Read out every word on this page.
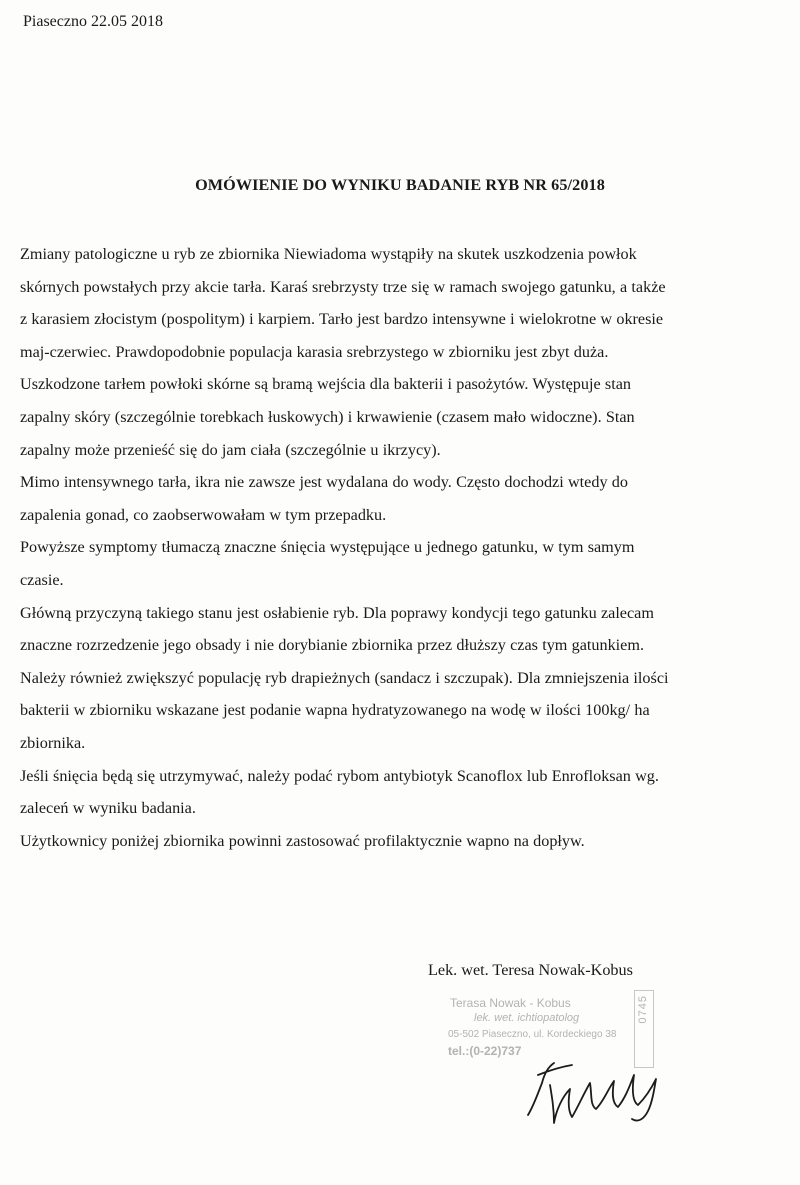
Piaseczno 22.05 2018
OMÓWIENIE DO WYNIKU BADANIE RYB NR 65/2018
Zmiany patologiczne u ryb ze zbiornika Niewiadoma wystąpiły na skutek uszkodzenia powłok
skórnych powstałych przy akcie tarła. Karaś srebrzysty trze się w ramach swojego gatunku, a także
z karasiem złocistym (pospolitym) i karpiem. Tarło jest bardzo intensywne i wielokrotne w okresie
maj-czerwiec. Prawdopodobnie populacja karasia srebrzystego w zbiorniku jest zbyt duża.
Uszkodzone tarłem powłoki skórne są bramą wejścia dla bakterii i pasożytów. Występuje stan
zapalny skóry (szczególnie torebkach łuskowych) i krwawienie (czasem mało widoczne). Stan
zapalny może przenieść się do jam ciała (szczególnie u ikrzycy).
Mimo intensywnego tarła, ikra nie zawsze jest wydalana do wody. Często dochodzi wtedy do
zapalenia gonad, co zaobserwowałam w tym przepadku.
Powyższe symptomy tłumaczą znaczne śnięcia występujące u jednego gatunku, w tym samym
czasie.
Główną przyczyną takiego stanu jest osłabienie ryb. Dla poprawy kondycji tego gatunku zalecam
znaczne rozrzedzenie jego obsady i nie dorybianie zbiornika przez dłuższy czas tym gatunkiem.
Należy również zwiększyć populację ryb drapieżnych (sandacz i szczupak). Dla zmniejszenia ilości
bakterii w zbiorniku wskazane jest podanie wapna hydratyzowanego na wodę w ilości 100kg/ ha
zbiornika.
Jeśli śnięcia będą się utrzymywać, należy podać rybom antybiotyk Scanoflox lub Enrofloksan wg.
zaleceń w wyniku badania.
Użytkownicy poniżej zbiornika powinni zastosować profilaktycznie wapno na dopływ.
Lek. wet. Teresa Nowak-Kobus
Terasa Nowak - Kobus
lek. wet. ichtiopatolog
05-502 Piaseczno, ul. Kordeckiego 38
tel.:(0-22)737
0745
